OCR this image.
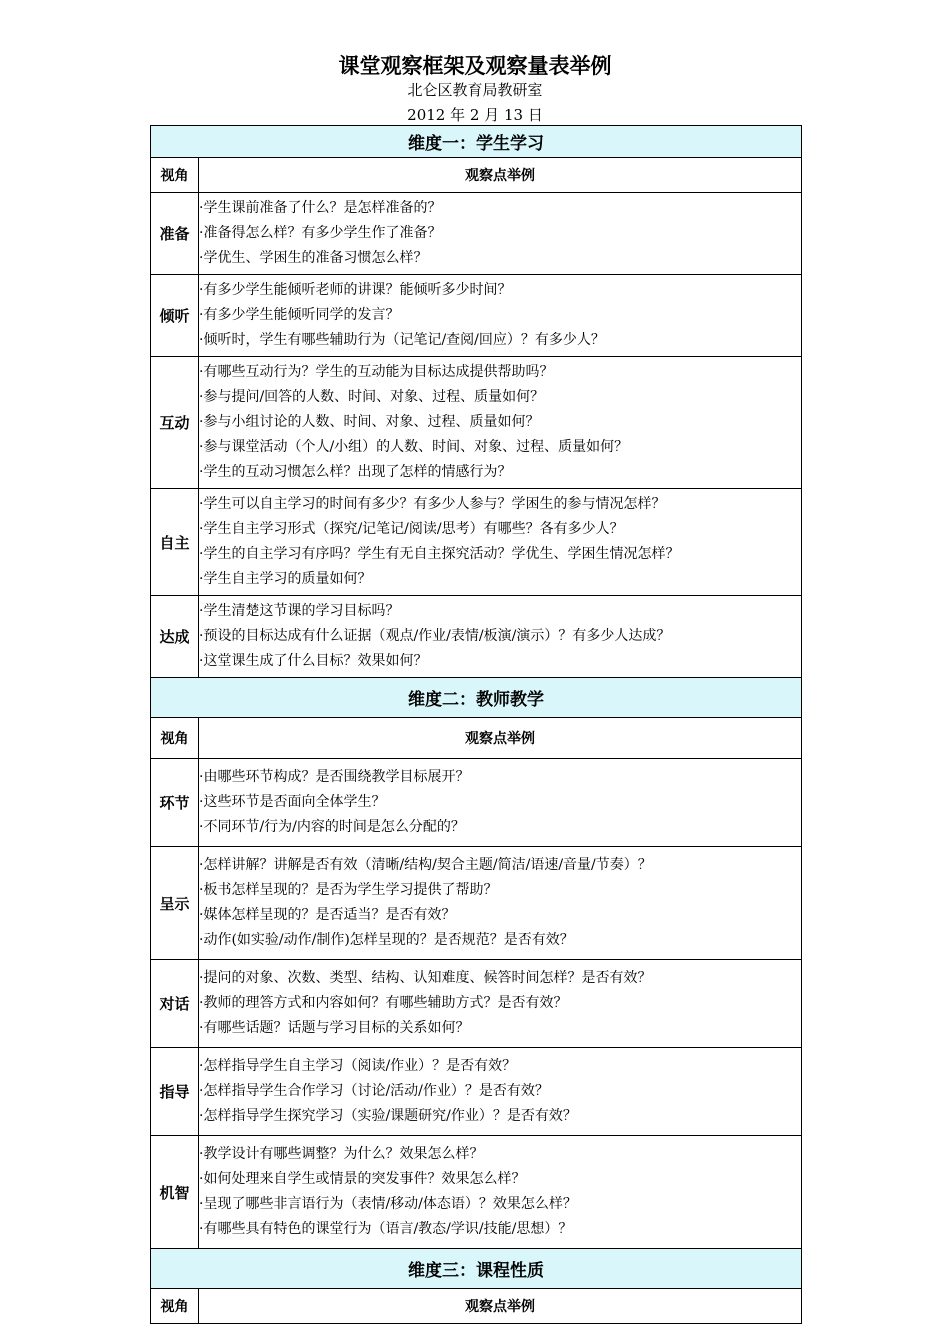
课堂观察框架及观察量表举例
北仑区教育局教研室
2012 年 2 月 13 日
维度一：学生学习	
视角	观察点举例
准备	·学生课前准备了什么？是怎样准备的？
·准备得怎么样？有多少学生作了准备？
·学优生、学困生的准备习惯怎么样？

倾听	·有多少学生能倾听老师的讲课？能倾听多少时间？
·有多少学生能倾听同学的发言？
·倾听时，学生有哪些辅助行为（记笔记/查阅/回应）？有多少人？

互动	·有哪些互动行为？学生的互动能为目标达成提供帮助吗？
·参与提问/回答的人数、时间、对象、过程、质量如何？
·参与小组讨论的人数、时间、对象、过程、质量如何？
·参与课堂活动（个人/小组）的人数、时间、对象、过程、质量如何？
·学生的互动习惯怎么样？出现了怎样的情感行为？

自主	·学生可以自主学习的时间有多少？有多少人参与？学困生的参与情况怎样？
·学生自主学习形式（探究/记笔记/阅读/思考）有哪些？各有多少人？
·学生的自主学习有序吗？学生有无自主探究活动？学优生、学困生情况怎样？
·学生自主学习的质量如何？

达成	·学生清楚这节课的学习目标吗？
·预设的目标达成有什么证据（观点/作业/表情/板演/演示）？有多少人达成？
·这堂课生成了什么目标？效果如何？

维度二：教师教学	
视角	观察点举例
环节	·由哪些环节构成？是否围绕教学目标展开？
·这些环节是否面向全体学生？
·不同环节/行为/内容的时间是怎么分配的？

呈示	·怎样讲解？讲解是否有效（清晰/结构/契合主题/简洁/语速/音量/节奏）？
·板书怎样呈现的？是否为学生学习提供了帮助？
·媒体怎样呈现的？是否适当？是否有效？
·动作(如实验/动作/制作)怎样呈现的？是否规范？是否有效？

对话	·提问的对象、次数、类型、结构、认知难度、候答时间怎样？是否有效？
·教师的理答方式和内容如何？有哪些辅助方式？是否有效？
·有哪些话题？话题与学习目标的关系如何？

指导	·怎样指导学生自主学习（阅读/作业）？是否有效？
·怎样指导学生合作学习（讨论/活动/作业）？是否有效？
·怎样指导学生探究学习（实验/课题研究/作业）？是否有效？

机智	·教学设计有哪些调整？为什么？效果怎么样？
·如何处理来自学生或情景的突发事件？效果怎么样？
·呈现了哪些非言语行为（表情/移动/体态语）？效果怎么样？
·有哪些具有特色的课堂行为（语言/教态/学识/技能/思想）？

维度三：课程性质	
视角	观察点举例
